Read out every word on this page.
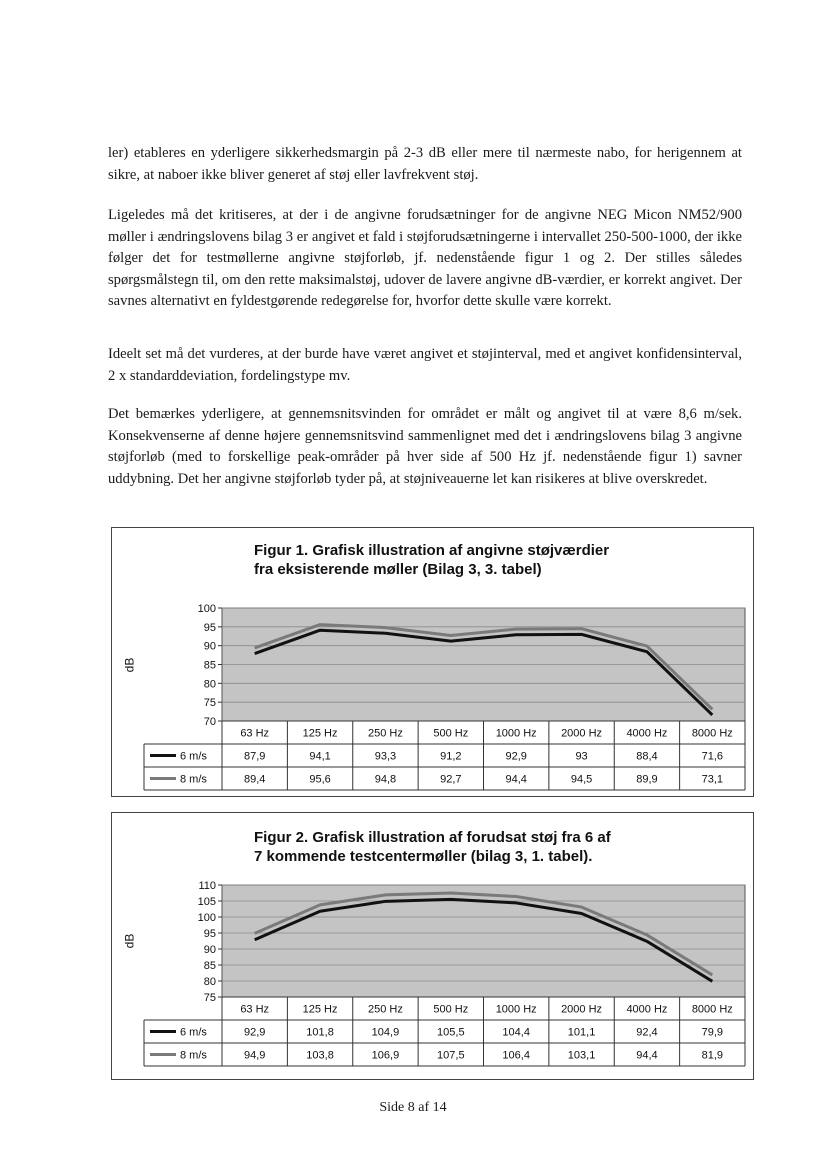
ler) etableres en yderligere sikkerhedsmargin på 2-3 dB eller mere til nærmeste nabo, for herigennem at sikre, at naboer ikke bliver generet af støj eller lavfrekvent støj.

Ligeledes må det kritiseres, at der i de angivne forudsætninger for de angivne NEG Micon NM52/900 møller i ændringslovens bilag 3 er angivet et fald i støjforudsætningerne i intervallet 250-500-1000, der ikke følger det for testmøllerne angivne støjforløb, jf. nedenstående figur 1 og 2. Der stilles således spørgsmålstegn til, om den rette maksimalstøj, udover de lavere angivne dB-værdier, er korrekt angivet. Der savnes alternativt en fyldestgørende redegørelse for, hvorfor dette skulle være korrekt.

Ideelt set må det vurderes, at der burde have været angivet et støjinterval, med et angivet konfidensinterval, 2 x standarddeviation, fordelingstype mv.

Det bemærkes yderligere, at gennemsnitsvinden for området er målt og angivet til at være 8,6 m/sek. Konsekvenserne af denne højere gennemsnitsvind sammenlignet med det i ændringslovens bilag 3 angivne støjforløb (med to forskellige peak-områder på hver side af 500 Hz jf. nedenstående figur 1) savner uddybning. Det her angivne støjforløb tyder på, at støjniveauerne let kan risikeres at blive overskredet.

Figur 1. Grafisk illustration af angivne støjværdier
fra eksisterende møller (Bilag 3, 3. tabel)
dB
100
95
90
85
80
75
70
63 Hz	125 Hz	250 Hz	500 Hz 1000 Hz 2000 Hz 4000 Hz 8000 Hz
6 m/s	87,9	94,1	93,3	91,2	92,9	93	88,4	71,6
8 m/s	89,4	95,6	94,8	92,7	94,4	94,5	89,9	73,1
Figur 2. Grafisk illustration af forudsat støj fra 6 af
7 kommende testcentermøller (bilag 3, 1. tabel).
dB
110
105
100
95
90
85
80
75
63 Hz	125 Hz	250 Hz	500 Hz 1000 Hz 2000 Hz 4000 Hz 8000 Hz
6 m/s	92,9	101,8	104,9	105,5	104,4	101,1	92,4	79,9
8 m/s	94,9	103,8	106,9	107,5	106,4	103,1	94,4	81,9
Side 8 af 14
